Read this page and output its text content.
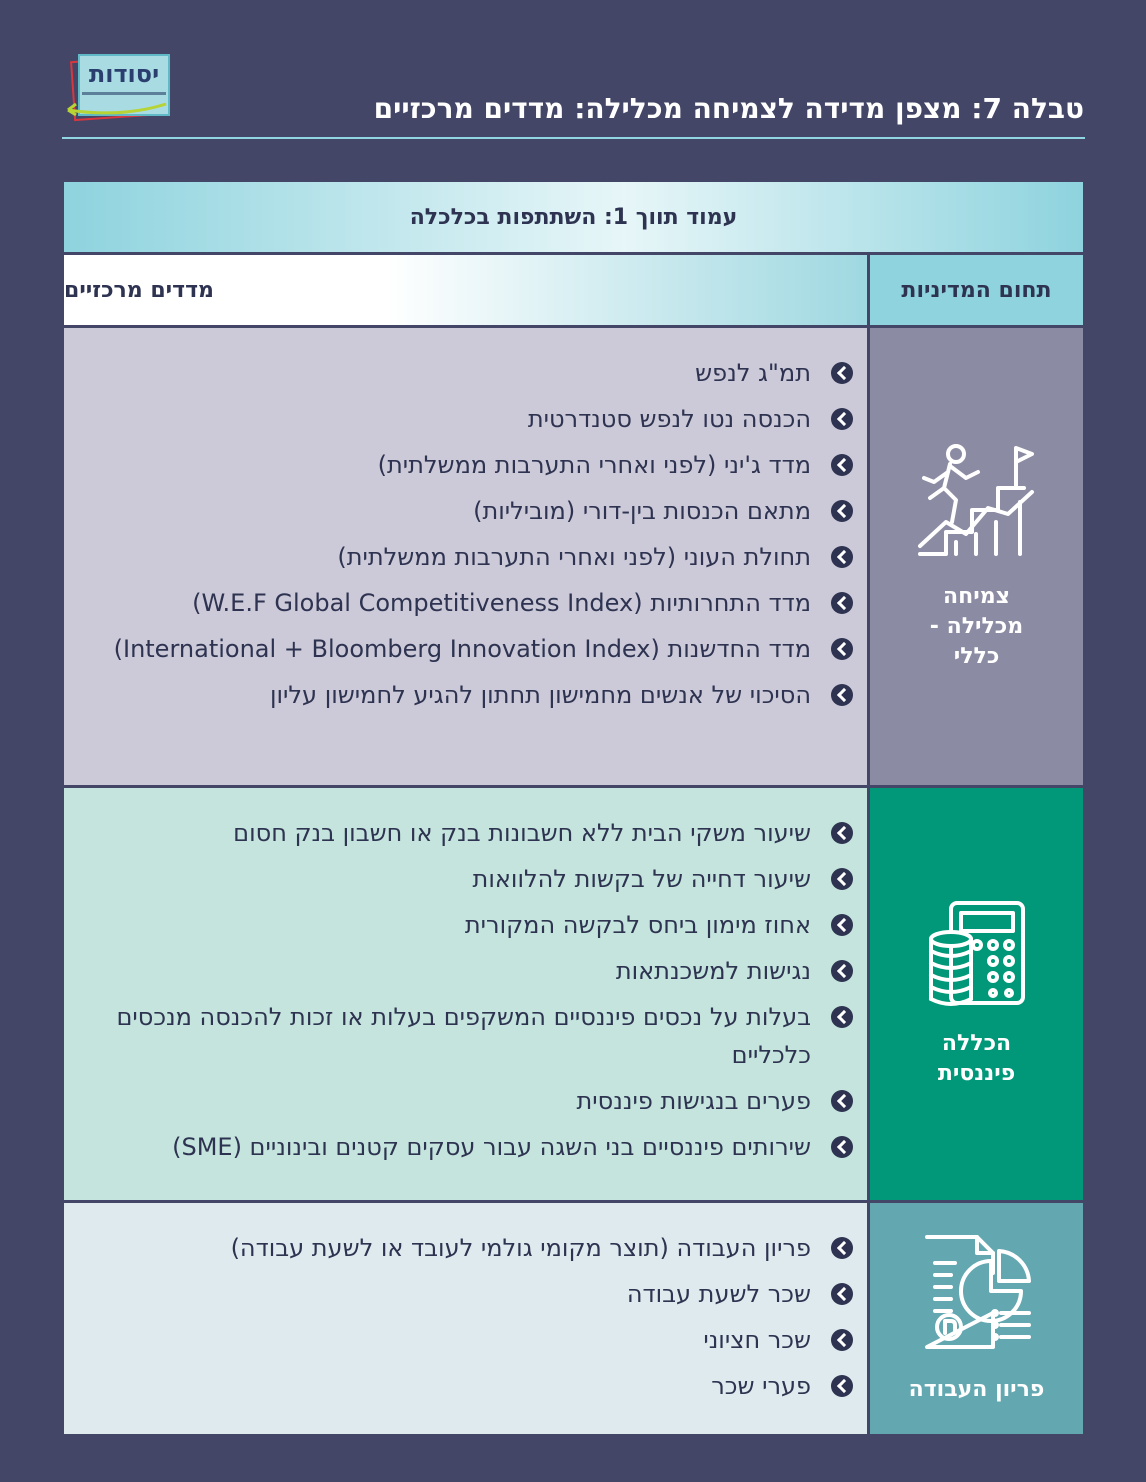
יסודות
טבלה 7: מצפן מדידה לצמיחה מכלילה: מדדים מרכזיים
עמוד תווך 1: השתתפות בכלכלה
תחום המדיניות
מדדים מרכזיים
תמ"ג לנפש
הכנסה נטו לנפש סטנדרטית
מדד ג'יני (לפני ואחרי התערבות ממשלתית)
מתאם הכנסות בין-דורי (מוביליות)
תחולת העוני (לפני ואחרי התערבות ממשלתית)
מדד התחרותיות (W.E.F Global Competitiveness Index)
מדד החדשנות (International + Bloomberg Innovation Index)
הסיכוי של אנשים מחמישון תחתון להגיע לחמישון עליון
צמיחה מכלילה - כללי
שיעור משקי הבית ללא חשבונות בנק או חשבון בנק חסום
שיעור דחייה של בקשות להלוואות
אחוז מימון ביחס לבקשה המקורית
נגישות למשכנתאות
בעלות על נכסים פיננסיים המשקפים בעלות או זכות להכנסה מנכסים כלכליים
פערים בנגישות פיננסית
שירותים פיננסיים בני השגה עבור עסקים קטנים ובינוניים (SME)
הכללה פיננסית
פריון העבודה (תוצר מקומי גולמי לעובד או לשעת עבודה)
שכר לשעת עבודה
שכר חציוני
פערי שכר	פריון העבודה
